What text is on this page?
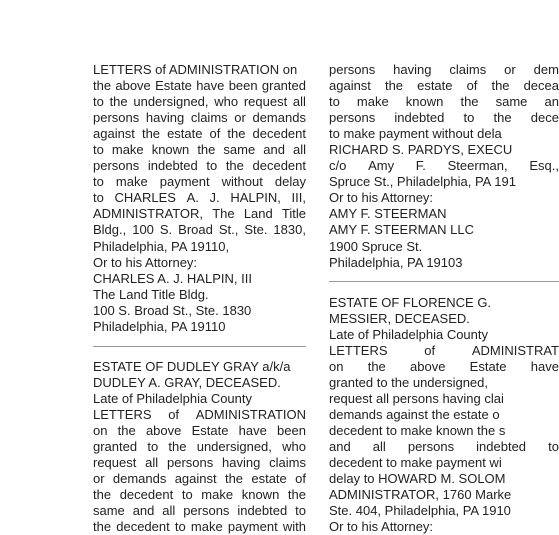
LETTERS of ADMINISTRATION on
the above Estate have been granted
to the undersigned, who request all
persons having claims or demands
against the estate of the decedent
to make known the same and all
persons indebted to the decedent
to make payment without delay
to CHARLES A. J. HALPIN, III,
ADMINISTRATOR, The Land Title
Bldg., 100 S. Broad St., Ste. 1830,
Philadelphia, PA 19110,
Or to his Attorney:
CHARLES A. J. HALPIN, III
The Land Title Bldg.
100 S. Broad St., Ste. 1830
Philadelphia, PA 19110
ESTATE OF DUDLEY GRAY a/k/a
DUDLEY A. GRAY, DECEASED.
Late of Philadelphia County
LETTERS of ADMINISTRATION
on the above Estate have been
granted to the undersigned, who
request all persons having claims
or demands against the estate of
the decedent to make known the
same and all persons indebted to
the decedent to make payment with
persons having claims or dem
against the estate of the decea
to make known the same an
persons indebted to the dece
to make payment without dela
RICHARD S. PARDYS, EXECU
c/o Amy F. Steerman, Esq.,
Spruce St., Philadelphia, PA 191
Or to his Attorney:
AMY F. STEERMAN
AMY F. STEERMAN LLC
1900 Spruce St.
Philadelphia, PA 19103
ESTATE OF FLORENCE G.
MESSIER, DECEASED.
Late of Philadelphia County
LETTERS	of	ADMINISTRAT
on the above Estate have
granted to the undersigned,
request all persons having clai
demands against the estate o
decedent to make known the s
and all persons indebted to
decedent to make payment wi
delay to HOWARD M. SOLOM
ADMINISTRATOR, 1760 Marke
Ste. 404, Philadelphia, PA 1910
Or to his Attorney:
